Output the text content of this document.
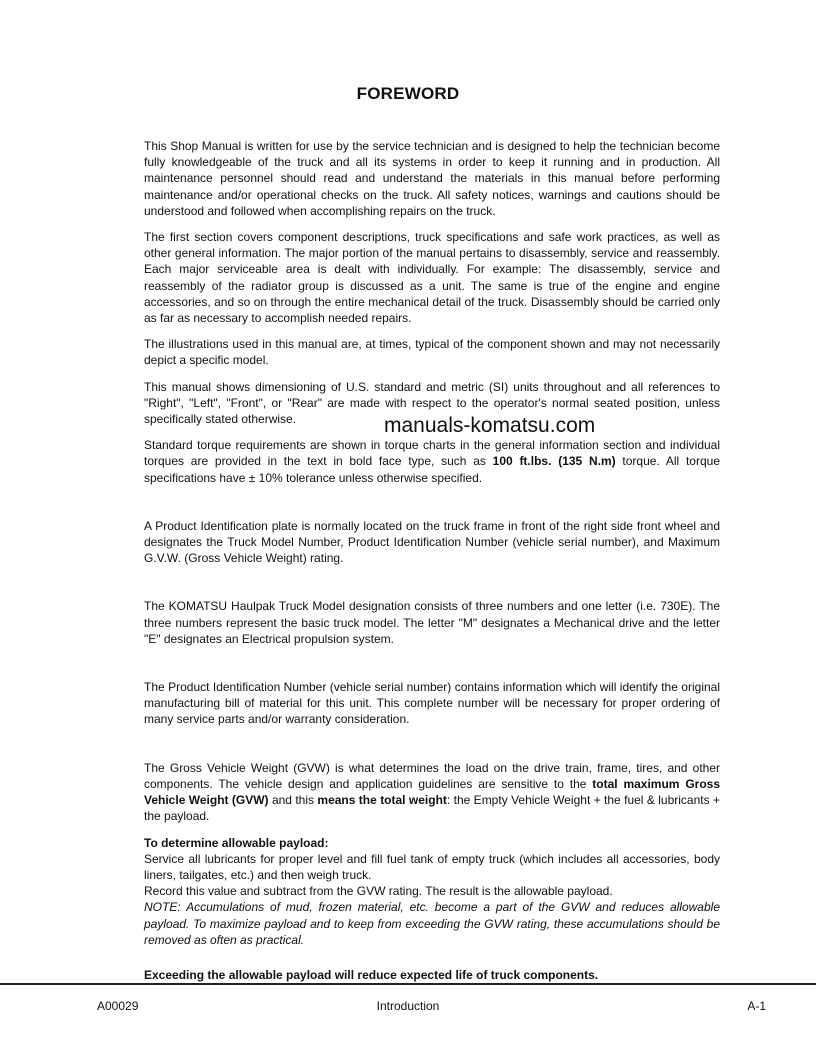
FOREWORD

This Shop Manual is written for use by the service technician and is designed to help the technician become fully knowledgeable of the truck and all its systems in order to keep it running and in production. All maintenance personnel should read and understand the materials in this manual before performing maintenance and/or operational checks on the truck. All safety notices, warnings and cautions should be understood and followed when accomplishing repairs on the truck.

The first section covers component descriptions, truck specifications and safe work practices, as well as other general information. The major portion of the manual pertains to disassembly, service and reassembly. Each major serviceable area is dealt with individually. For example: The disassembly, service and reassembly of the radiator group is discussed as a unit. The same is true of the engine and engine accessories, and so on through the entire mechanical detail of the truck. Disassembly should be carried only as far as necessary to accomplish needed repairs.

The illustrations used in this manual are, at times, typical of the component shown and may not necessarily depict a specific model.

This manual shows dimensioning of U.S. standard and metric (SI) units throughout and all references to "Right", "Left", "Front", or "Rear" are made with respect to the operator's normal seated position, unless specifically stated otherwise.

Standard torque requirements are shown in torque charts in the general information section and individual torques are provided in the text in bold face type, such as 100 ft.lbs. (135 N.m) torque. All torque specifications have ± 10% tolerance unless otherwise specified.

A Product Identification plate is normally located on the truck frame in front of the right side front wheel and designates the Truck Model Number, Product Identification Number (vehicle serial number), and Maximum G.V.W. (Gross Vehicle Weight) rating.

The KOMATSU Haulpak Truck Model designation consists of three numbers and one letter (i.e. 730E). The three numbers represent the basic truck model. The letter "M" designates a Mechanical drive and the letter "E" designates an Electrical propulsion system.

The Product Identification Number (vehicle serial number) contains information which will identify the original manufacturing bill of material for this unit. This complete number will be necessary for proper ordering of many service parts and/or warranty consideration.

The Gross Vehicle Weight (GVW) is what determines the load on the drive train, frame, tires, and other components. The vehicle design and application guidelines are sensitive to the total maximum Gross Vehicle Weight (GVW) and this means the total weight: the Empty Vehicle Weight + the fuel & lubricants + the payload.

To determine allowable payload:

Service all lubricants for proper level and fill fuel tank of empty truck (which includes all accessories, body liners, tailgates, etc.) and then weigh truck.

Record this value and subtract from the GVW rating. The result is the allowable payload.

NOTE: Accumulations of mud, frozen material, etc. become a part of the GVW and reduces allowable payload. To maximize payload and to keep from exceeding the GVW rating, these accumulations should be removed as often as practical.

Exceeding the allowable payload will reduce expected life of truck components.

manuals-komatsu.com
A00029	Introduction	A-1
